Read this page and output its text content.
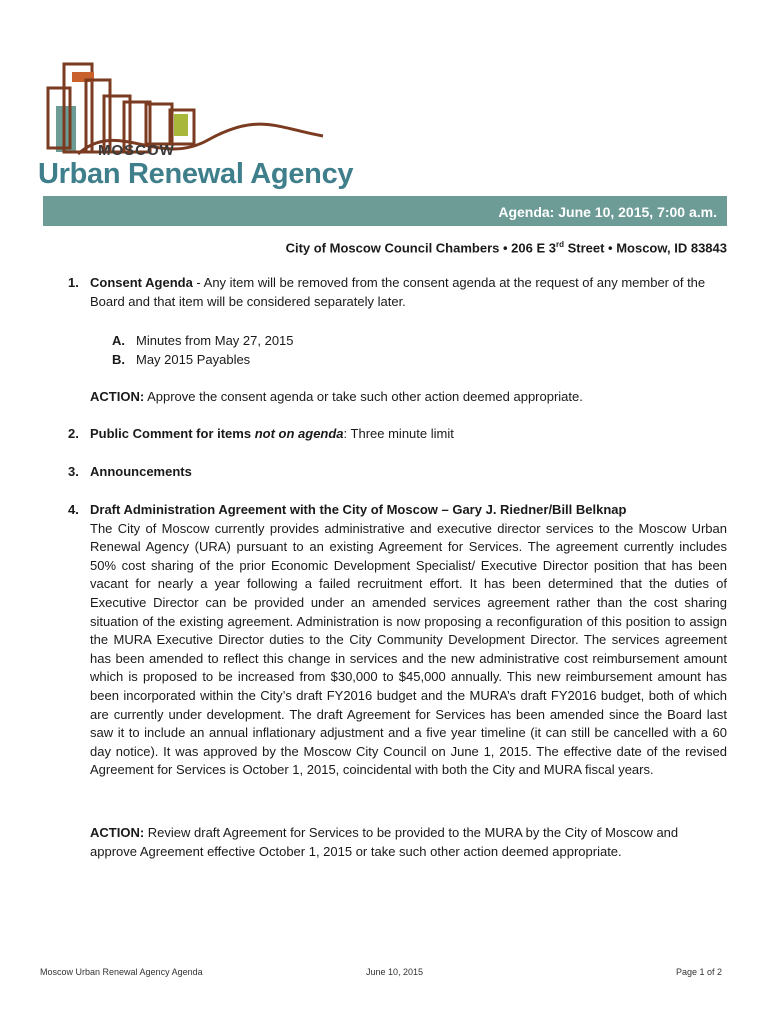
MOSCOW
Urban Renewal Agency
Agenda: June 10, 2015, 7:00 a.m.
City of Moscow Council Chambers • 206 E 3rd Street • Moscow, ID 83843
1. Consent Agenda - Any item will be removed from the consent agenda at the request of any member of the Board and that item will be considered separately later.
A. Minutes from May 27, 2015
B. May 2015 Payables
ACTION: Approve the consent agenda or take such other action deemed appropriate.
2. Public Comment for items not on agenda: Three minute limit
3. Announcements
4. Draft Administration Agreement with the City of Moscow – Gary J. Riedner/Bill Belknap
The City of Moscow currently provides administrative and executive director services to the Moscow Urban Renewal Agency (URA) pursuant to an existing Agreement for Services. The agreement currently includes 50% cost sharing of the prior Economic Development Specialist/ Executive Director position that has been vacant for nearly a year following a failed recruitment effort. It has been determined that the duties of Executive Director can be provided under an amended services agreement rather than the cost sharing situation of the existing agreement. Administration is now proposing a reconfiguration of this position to assign the MURA Executive Director duties to the City Community Development Director. The services agreement has been amended to reflect this change in services and the new administrative cost reimbursement amount which is proposed to be increased from $30,000 to $45,000 annually. This new reimbursement amount has been incorporated within the City’s draft FY2016 budget and the MURA’s draft FY2016 budget, both of which are currently under development. The draft Agreement for Services has been amended since the Board last saw it to include an annual inflationary adjustment and a five year timeline (it can still be cancelled with a 60 day notice). It was approved by the Moscow City Council on June 1, 2015. The effective date of the revised Agreement for Services is October 1, 2015, coincidental with both the City and MURA fiscal years.
ACTION: Review draft Agreement for Services to be provided to the MURA by the City of Moscow and approve Agreement effective October 1, 2015 or take such other action deemed appropriate.
Moscow Urban Renewal Agency Agenda	June 10, 2015	Page 1 of 2
